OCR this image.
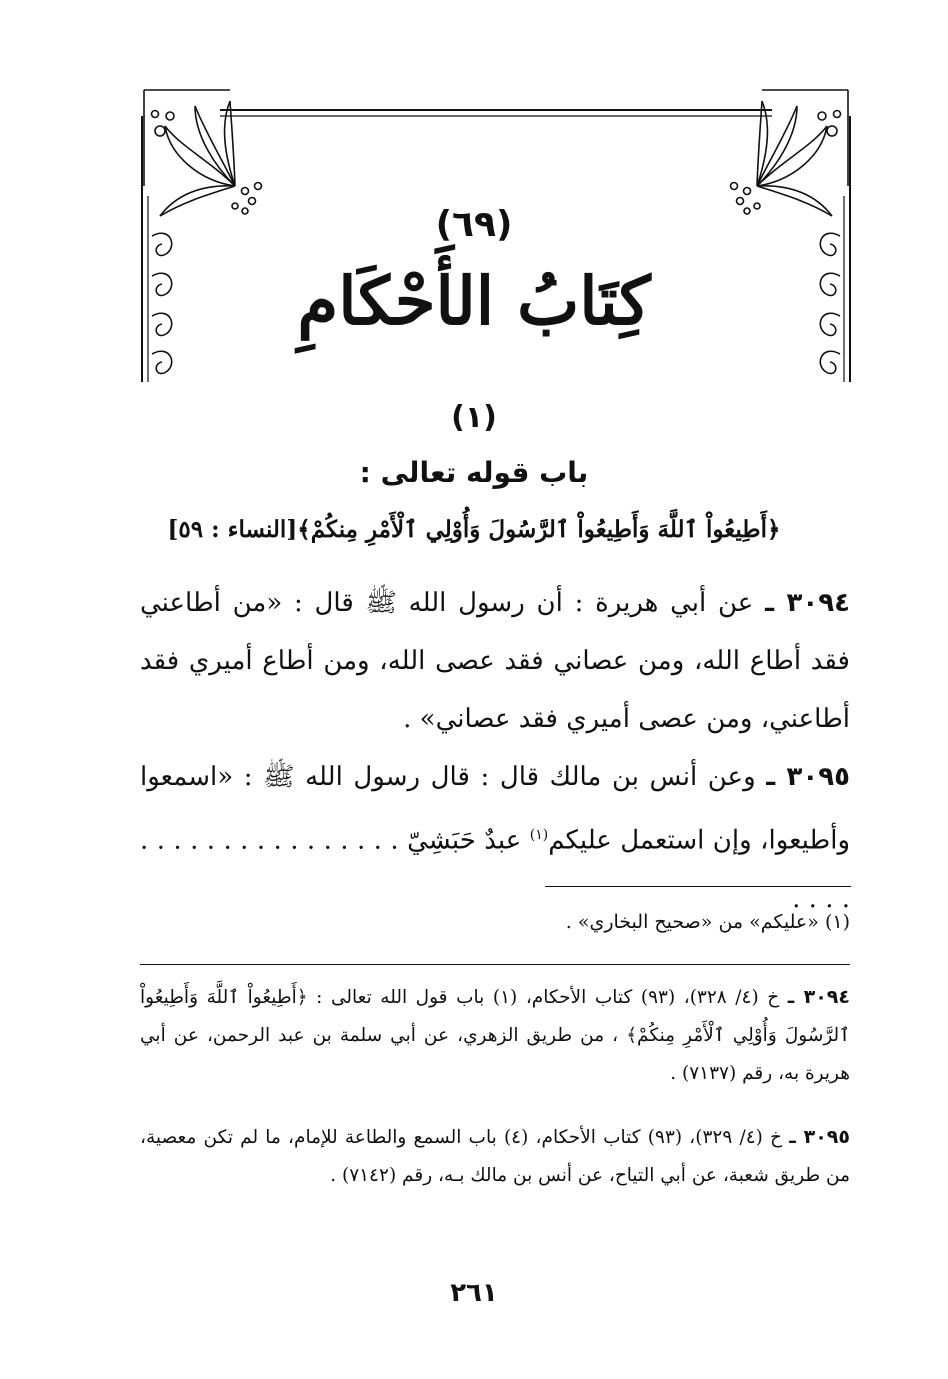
(٦٩)
كِتَابُ الأَحْكَامِ
(١)
باب قوله تعالى :
﴿أَطِيعُواْ ٱللَّهَ وَأَطِيعُواْ ٱلرَّسُولَ وَأُوْلِي ٱلْأَمْرِ مِنكُمْ﴾[النساء : ٥٩]
٣٠٩٤ ـ عن أبي هريرة : أن رسول الله ﷺ قال : «من أطاعني فقد أطاع الله، ومن عصاني فقد عصى الله، ومن أطاع أميري فقد أطاعني، ومن عصى أميري فقد عصاني» .
٣٠٩٥ ـ وعن أنس بن مالك قال : قال رسول الله ﷺ : «اسمعوا وأطيعوا، وإن استعمل عليكم$^{(١)}$ عبدٌ حَبَشِيّ . . . . . . . . . . . . . . . . . . . .
(١) «عليكم» من «صحيح البخاري» .
٣٠٩٤ ـ خ (٤/ ٣٢٨)، (٩٣) كتاب الأحكام، (١) باب قول الله تعالى : ﴿أَطِيعُواْ ٱللَّهَ وَأَطِيعُواْ ٱلرَّسُولَ وَأُوْلِي ٱلْأَمْرِ مِنكُمْ﴾ ، من طريق الزهري، عن أبي سلمة بن عبد الرحمن، عن أبي هريرة به، رقم (٧١٣٧) .
٣٠٩٥ ـ خ (٤/ ٣٢٩)، (٩٣) كتاب الأحكام، (٤) باب السمع والطاعة للإمام، ما لم تكن معصية، من طريق شعبة، عن أبي التياح، عن أنس بن مالك بـه، رقم (٧١٤٢) .
٢٦١
